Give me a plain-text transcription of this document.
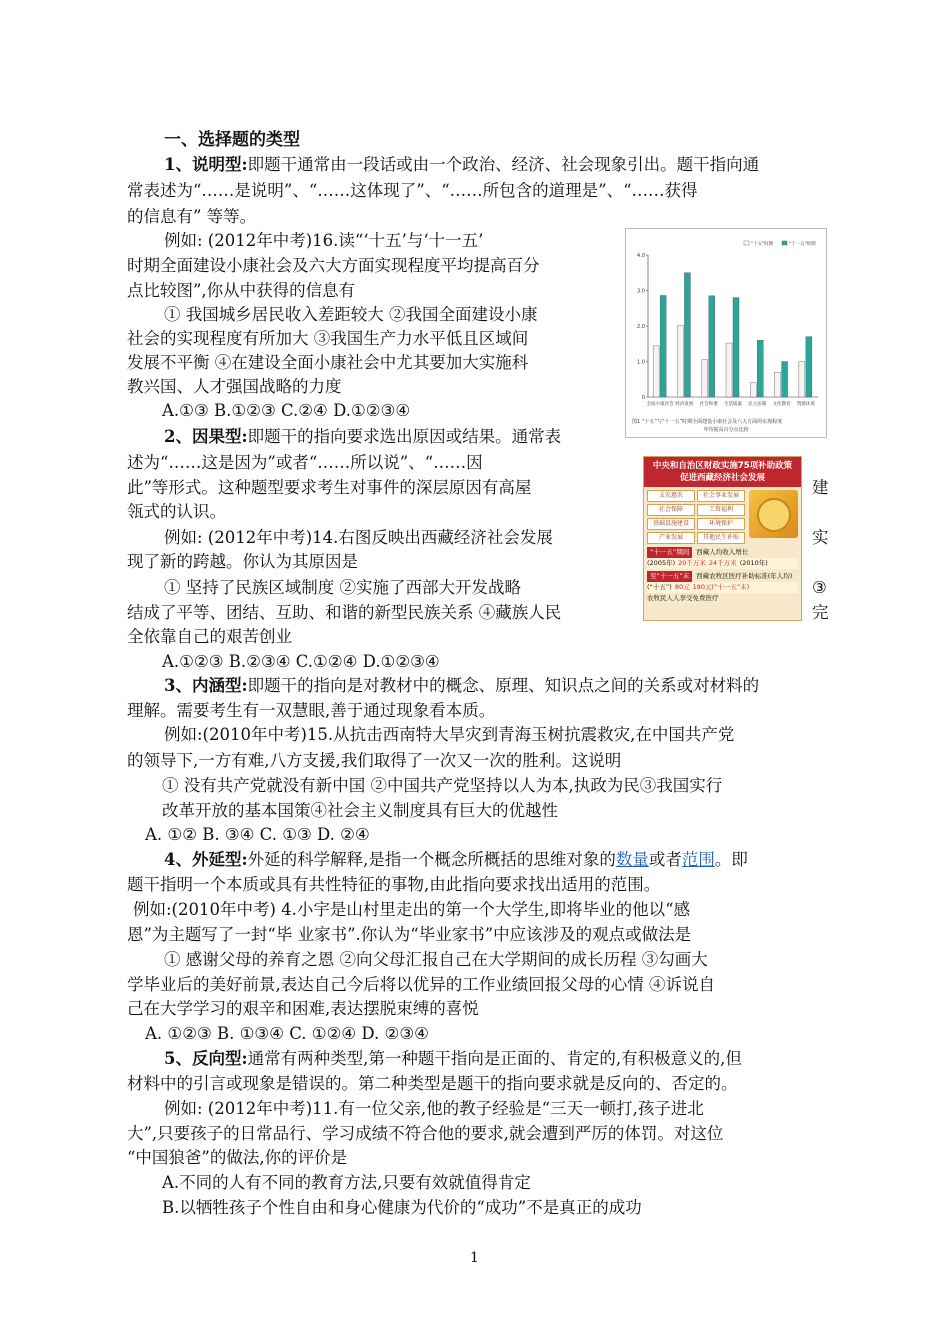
一、选择题的类型
1、说明型:即题干通常由一段话或由一个政治、经济、社会现象引出。题干指向通
常表述为“……是说明”、“……这体现了”、“……所包含的道理是”、“……获得
的信息有” 等等。
例如: (2012年中考)16.读“‘十五’与‘十一五’
时期全面建设小康社会及六大方面实现程度平均提高百分
点比较图”,你从中获得的信息有
① 我国城乡居民收入差距较大 ②我国全面建设小康
社会的实现程度有所加大 ③我国生产力水平低且区域间
发展不平衡 ④在建设全面小康社会中尤其要加大实施科
教兴国、人才强国战略的力度
A.①③ B.①②③ C.②④ D.①②③④
"十五"时期	"十一五"时期
0
1.0
2.0
3.0
4.0
全面小康社会 经济发展 社会和谐 生活质量 民主法制 文化教育 资源环境
图1 “十五”与“十一五”时期全面建设小康社会及六大方面的实现程度
年均提高百分点比较
2、因果型:即题干的指向要求选出原因或结果。通常表
述为“……这是因为”或者“……所以说”、“……因
此”等形式。这种题型要求考生对事件的深层原因有高屋	建
瓴式的认识。
例如: (2012年中考)14.右图反映出西藏经济社会发展	实
现了新的跨越。你认为其原因是
① 坚持了民族区域制度 ②实施了西部大开发战略	③
结成了平等、团结、互助、和谐的新型民族关系 ④藏族人民	完
全依靠自己的艰苦创业
A.①②③ B.②③④ C.①②④ D.①②③④
中央和自治区财政实施75项补助政策
促进西藏经济社会发展
支农惠农	社会事业发展
社会保障	工资福利
基础设施建设	环境保护
产业发展	其他民生补贴
“十一五”期间	西藏人均收入增长
(2005年) 20千万米 24千万米 (2010年)
至“十一五”末	西藏农牧区医疗补助标准(年人均)
(“十五”) 80元 180元(“十一五”末)
农牧民人人享受免费医疗
3、内涵型:即题干的指向是对教材中的概念、原理、知识点之间的关系或对材料的
理解。需要考生有一双慧眼,善于通过现象看本质。
例如:(2010年中考)15.从抗击西南特大旱灾到青海玉树抗震救灾,在中国共产党
的领导下,一方有难,八方支援,我们取得了一次又一次的胜利。这说明
① 没有共产党就没有新中国 ②中国共产党坚持以人为本,执政为民③我国实行
改革开放的基本国策④社会主义制度具有巨大的优越性
A. ①② B. ③④ C. ①③ D. ②④
4、外延型:外延的科学解释,是指一个概念所概括的思维对象的数量或者范围。即
题干指明一个本质或具有共性特征的事物,由此指向要求找出适用的范围。
例如:(2010年中考) 4.小宇是山村里走出的第一个大学生,即将毕业的他以“感
恩”为主题写了一封“毕 业家书”.你认为“毕业家书”中应该涉及的观点或做法是
① 感谢父母的养育之恩 ②向父母汇报自己在大学期间的成长历程 ③勾画大
学毕业后的美好前景,表达自己今后将以优异的工作业绩回报父母的心情 ④诉说自
己在大学学习的艰辛和困难,表达摆脱束缚的喜悦
A. ①②③ B. ①③④ C. ①②④ D. ②③④
5、反向型:通常有两种类型,第一种题干指向是正面的、肯定的,有积极意义的,但
材料中的引言或现象是错误的。第二种类型是题干的指向要求就是反向的、否定的。
例如: (2012年中考)11.有一位父亲,他的教子经验是“三天一顿打,孩子进北
大”,只要孩子的日常品行、学习成绩不符合他的要求,就会遭到严厉的体罚。对这位
“中国狼爸”的做法,你的评价是
A.不同的人有不同的教育方法,只要有效就值得肯定
B.以牺牲孩子个性自由和身心健康为代价的“成功”不是真正的成功
1
